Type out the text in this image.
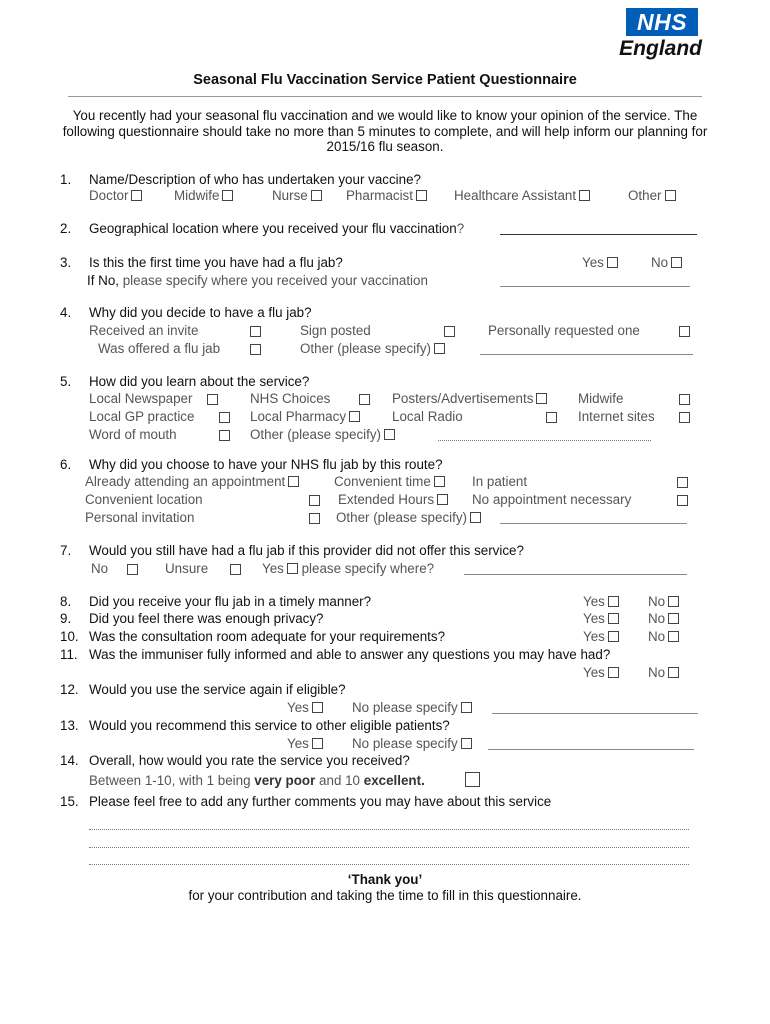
NHS
England
Seasonal Flu Vaccination Service Patient Questionnaire
You recently had your seasonal flu vaccination and we would like to know your opinion of the service. The following questionnaire should take no more than 5 minutes to complete, and will help inform our planning for 2015/16 flu season.
1. Name/Description of who has undertaken your vaccine?
Doctor	Midwife	Nurse	Pharmacist	Healthcare Assistant	Other
2. Geographical location where you received your flu vaccination?
3. Is this the first time you have had a flu jab?	Yes	No
If No, please specify where you received your vaccination
4. Why did you decide to have a flu jab?
Received an invite	Sign posted	Personally requested one
Was offered a flu jab	Other (please specify)
5. How did you learn about the service?
Local Newspaper	NHS Choices	Posters/Advertisements	Midwife
Local GP practice	Local Pharmacy	Local Radio	Internet sites
Word of mouth	Other (please specify)
6. Why did you choose to have your NHS flu jab by this route?
Already attending an appointment	Convenient time	In patient
Convenient location	Extended Hours	No appointment necessary
Personal invitation	Other (please specify)
7. Would you still have had a flu jab if this provider did not offer this service?
No	Unsure	Yes please specify where?
8. Did you receive your flu jab in a timely manner?	Yes	No
9. Did you feel there was enough privacy?	Yes	No
10. Was the consultation room adequate for your requirements?	Yes	No
11. Was the immuniser fully informed and able to answer any questions you may have had?
Yes	No
12. Would you use the service again if eligible?
Yes	No please specify
13. Would you recommend this service to other eligible patients?
Yes	No please specify
14. Overall, how would you rate the service you received?
Between 1-10, with 1 being very poor and 10 excellent.
15. Please feel free to add any further comments you may have about this service
‘Thank you’
for your contribution and taking the time to fill in this questionnaire.
